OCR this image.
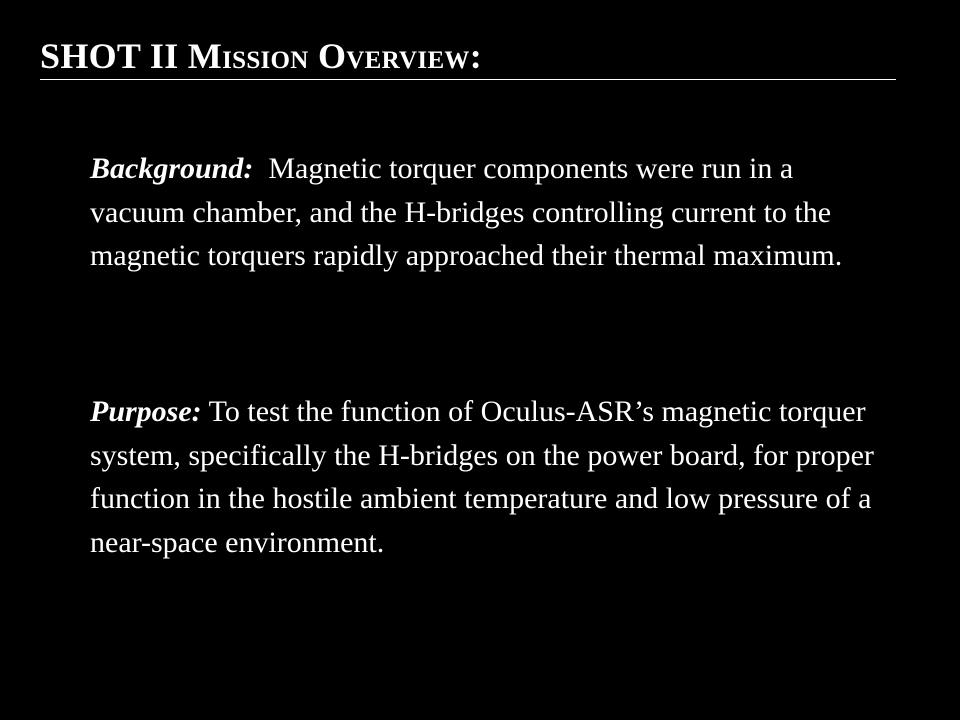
SHOT II Mission Overview:

Background: Magnetic torquer components were run in a vacuum chamber, and the H-bridges controlling current to the magnetic torquers rapidly approached their thermal maximum.

Purpose: To test the function of Oculus-ASR’s magnetic torquer system, specifically the H-bridges on the power board, for proper function in the hostile ambient temperature and low pressure of a near-space environment.
